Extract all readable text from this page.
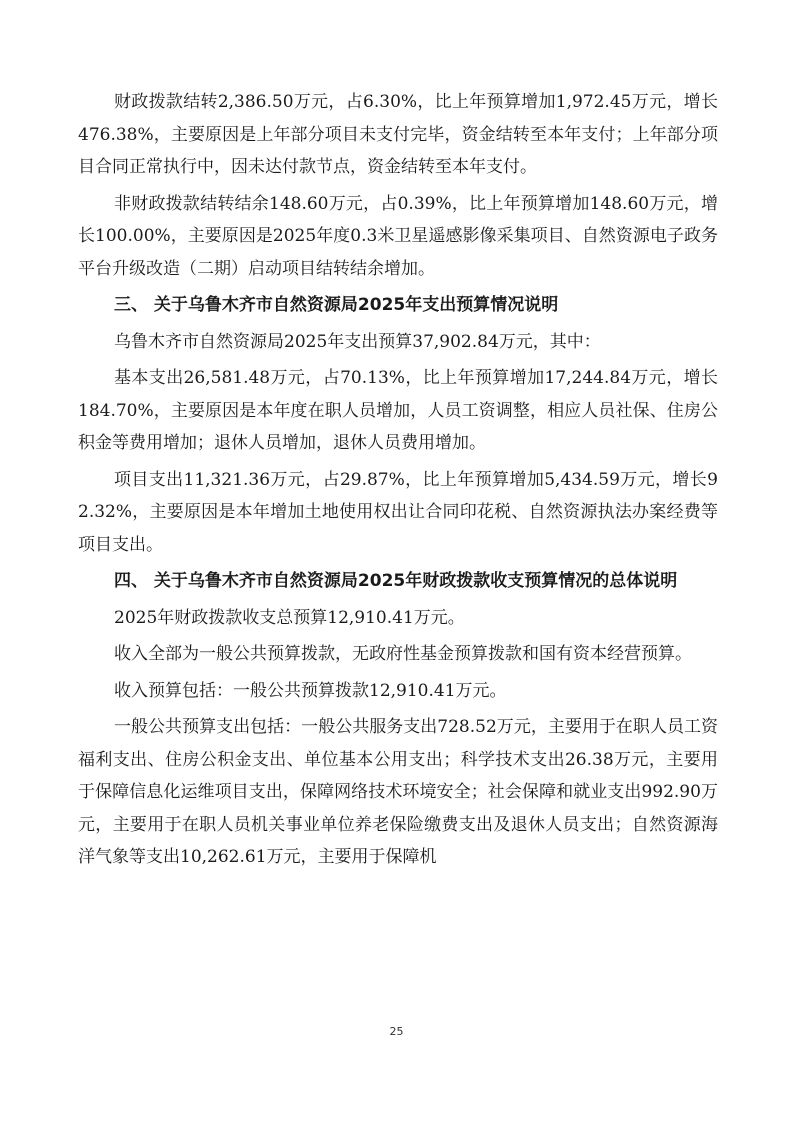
财政拨款结转2,386.50万元，占6.30%，比上年预算增加1,972.45万元，增长476.38%，主要原因是上年部分项目未支付完毕，资金结转至本年支付；上年部分项目合同正常执行中，因未达付款节点，资金结转至本年支付。

非财政拨款结转结余148.60万元，占0.39%，比上年预算增加148.60万元，增长100.00%，主要原因是2025年度0.3米卫星遥感影像采集项目、自然资源电子政务平台升级改造（二期）启动项目结转结余增加。

三、 关于乌鲁木齐市自然资源局2025年支出预算情况说明

乌鲁木齐市自然资源局2025年支出预算37,902.84万元，其中：

基本支出26,581.48万元，占70.13%，比上年预算增加17,244.84万元，增长184.70%，主要原因是本年度在职人员增加，人员工资调整，相应人员社保、住房公积金等费用增加；退休人员增加，退休人员费用增加。

项目支出11,321.36万元，占29.87%，比上年预算增加5,434.59万元，增长92.32%，主要原因是本年增加土地使用权出让合同印花税、自然资源执法办案经费等项目支出。

四、 关于乌鲁木齐市自然资源局2025年财政拨款收支预算情况的总体说明

2025年财政拨款收支总预算12,910.41万元。

收入全部为一般公共预算拨款，无政府性基金预算拨款和国有资本经营预算。

收入预算包括：一般公共预算拨款12,910.41万元。

一般公共预算支出包括：一般公共服务支出728.52万元，主要用于在职人员工资福利支出、住房公积金支出、单位基本公用支出；科学技术支出26.38万元，主要用于保障信息化运维项目支出，保障网络技术环境安全；社会保障和就业支出992.90万元，主要用于在职人员机关事业单位养老保险缴费支出及退休人员支出；自然资源海洋气象等支出10,262.61万元，主要用于保障机

25
